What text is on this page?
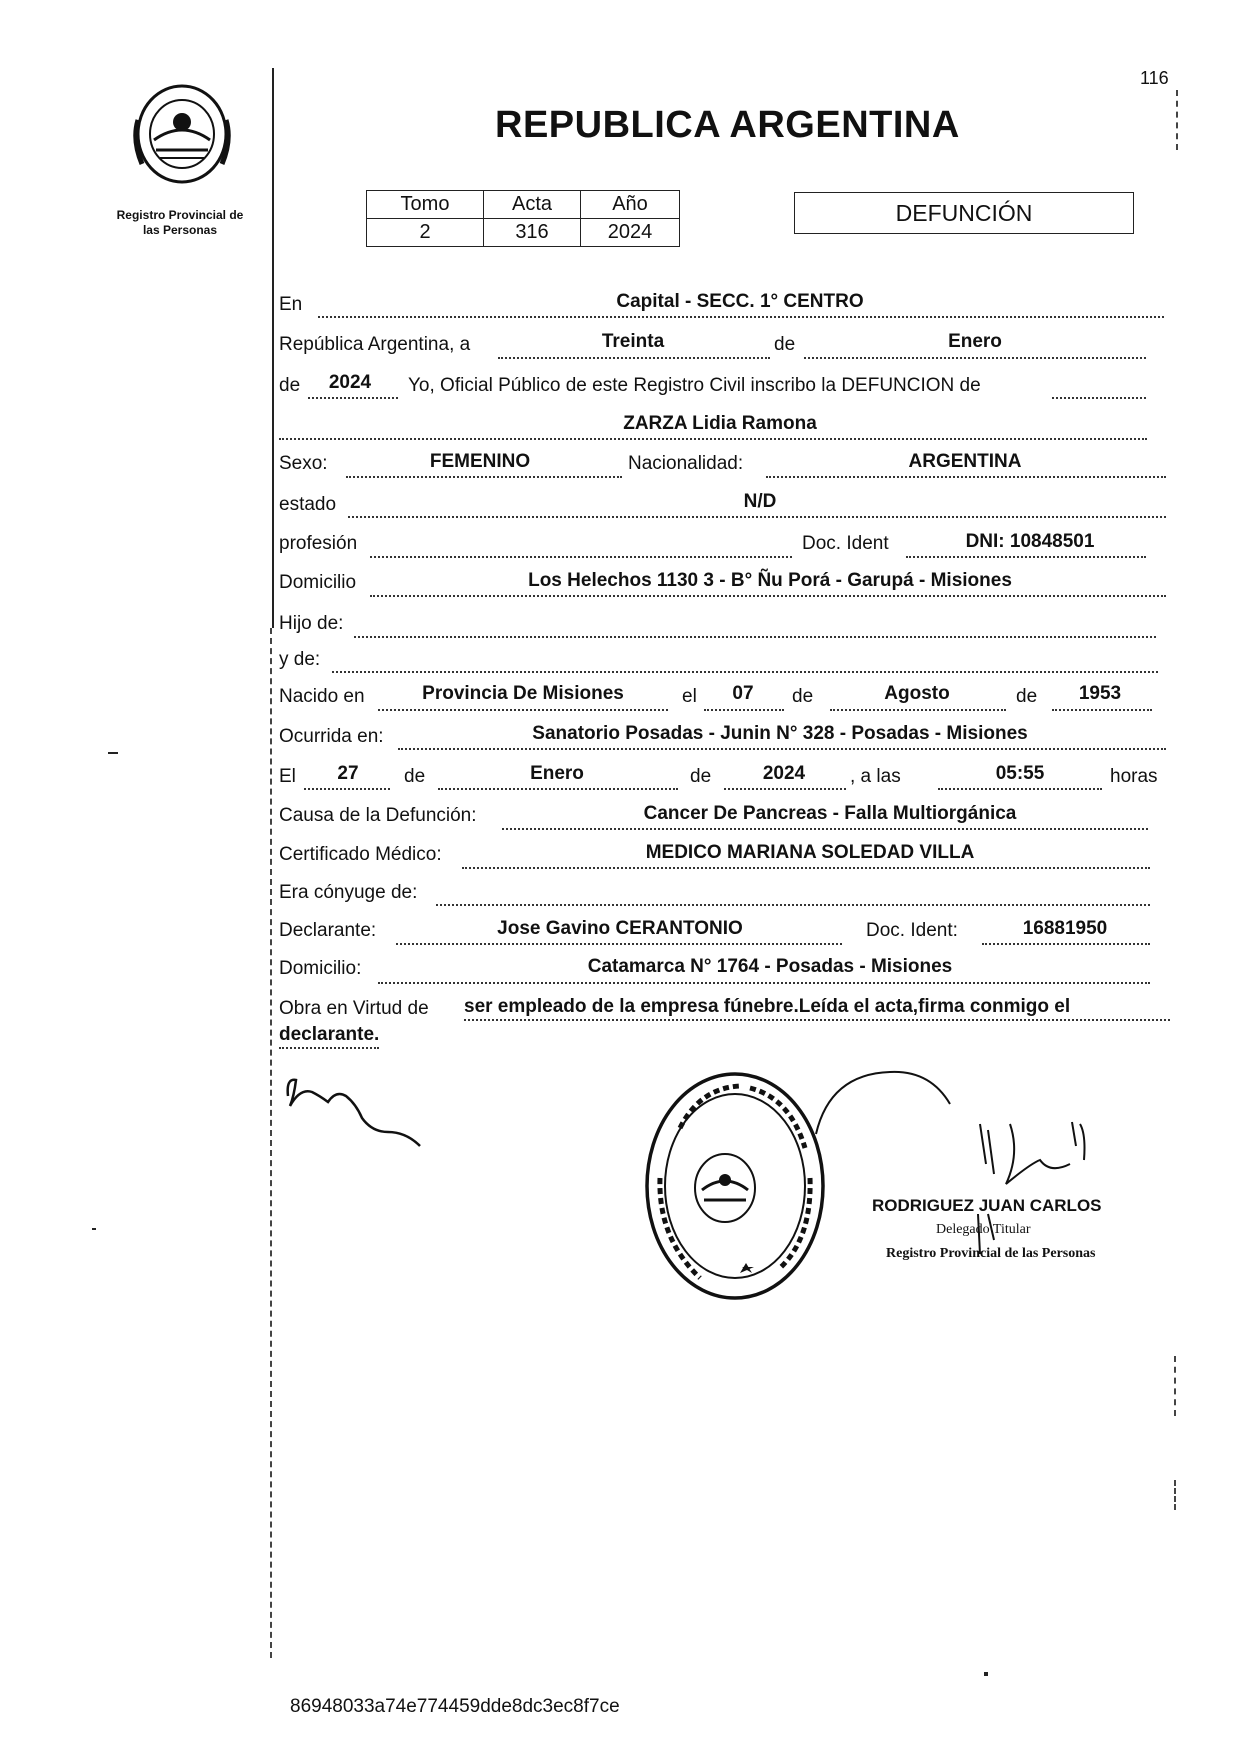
116
Registro Provincial de
las Personas
REPUBLICA ARGENTINA
Tomo	Acta	Año
2	316	2024
DEFUNCIÓN
En	Capital - SECC. 1° CENTRO
República Argentina, a	Treinta	de	Enero
de	2024	Yo, Oficial Público de este Registro Civil inscribo la DEFUNCION de
ZARZA Lidia Ramona
Sexo:	FEMENINO	Nacionalidad:	ARGENTINA
estado	N/D
profesión	Doc. Ident	DNI: 10848501
Domicilio	Los Helechos 1130 3 - B° Ñu Porá - Garupá - Misiones
Hijo de:
y de:
Nacido en	Provincia De Misiones	el	07	de	Agosto	de	1953
Ocurrida en:	Sanatorio Posadas - Junin N° 328 - Posadas - Misiones
El	27	de	Enero	de	2024	, a las	05:55	horas
Causa de la Defunción:	Cancer De Pancreas - Falla Multiorgánica
Certificado Médico:	MEDICO MARIANA SOLEDAD VILLA
Era cónyuge de:
Declarante:	Jose Gavino CERANTONIO	Doc. Ident:	16881950
Domicilio:	Catamarca N° 1764 - Posadas - Misiones
Obra en Virtud de ser empleado de la empresa fúnebre.Leída el acta,firma conmigo el
declarante.
RODRIGUEZ JUAN CARLOS
Delegado Titular
Registro Provincial de las Personas
86948033a74e774459dde8dc3ec8f7ce
